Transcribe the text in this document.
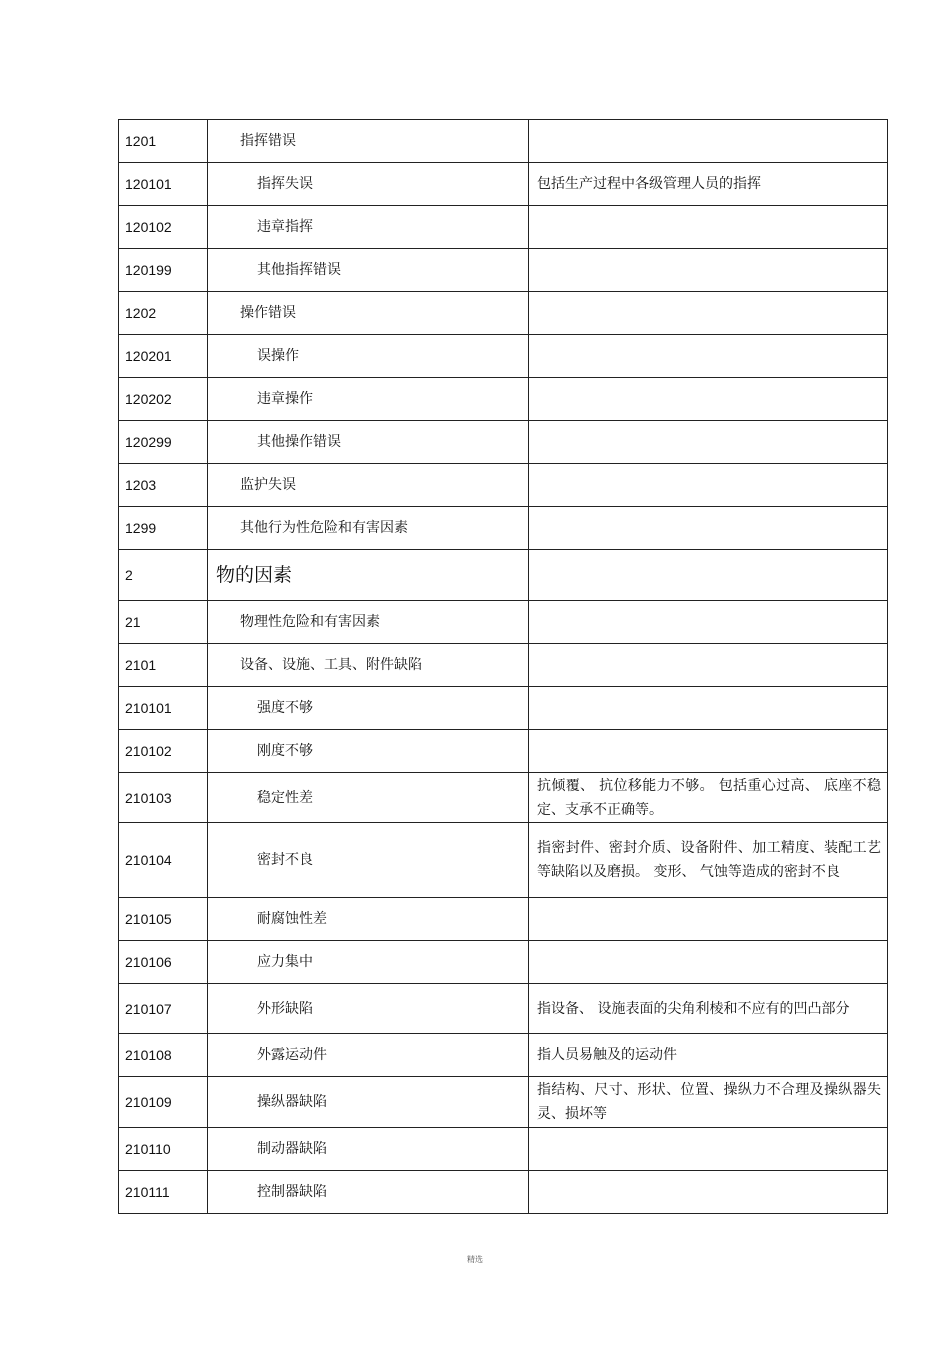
1201	指挥错误	

120101	指挥失误	包括生产过程中各级管理人员的指挥

120102	违章指挥	

120199	其他指挥错误	

1202	操作错误	

120201	误操作	

120202	违章操作	

120299	其他操作错误	

1203	监护失误	

1299	其他行为性危险和有害因素	

2	物的因素	

21	物理性危险和有害因素	

2101	设备、设施、工具、附件缺陷	

210101	强度不够	

210102	刚度不够	

210103	稳定性差	抗倾覆、 抗位移能力不够。 包括重心过高、 底座不稳定、支承不正确等。

210104	密封不良	指密封件、密封介质、设备附件、加工精度、装配工艺等缺陷以及磨损。 变形、 气蚀等造成的密封不良

210105	耐腐蚀性差	

210106	应力集中	

210107	外形缺陷	指设备、 设施表面的尖角利棱和不应有的凹凸部分

210108	外露运动件	指人员易触及的运动件

210109	操纵器缺陷	指结构、尺寸、形状、位置、操纵力不合理及操纵器失灵、损坏等

210110	制动器缺陷	

210111	控制器缺陷	
精选
